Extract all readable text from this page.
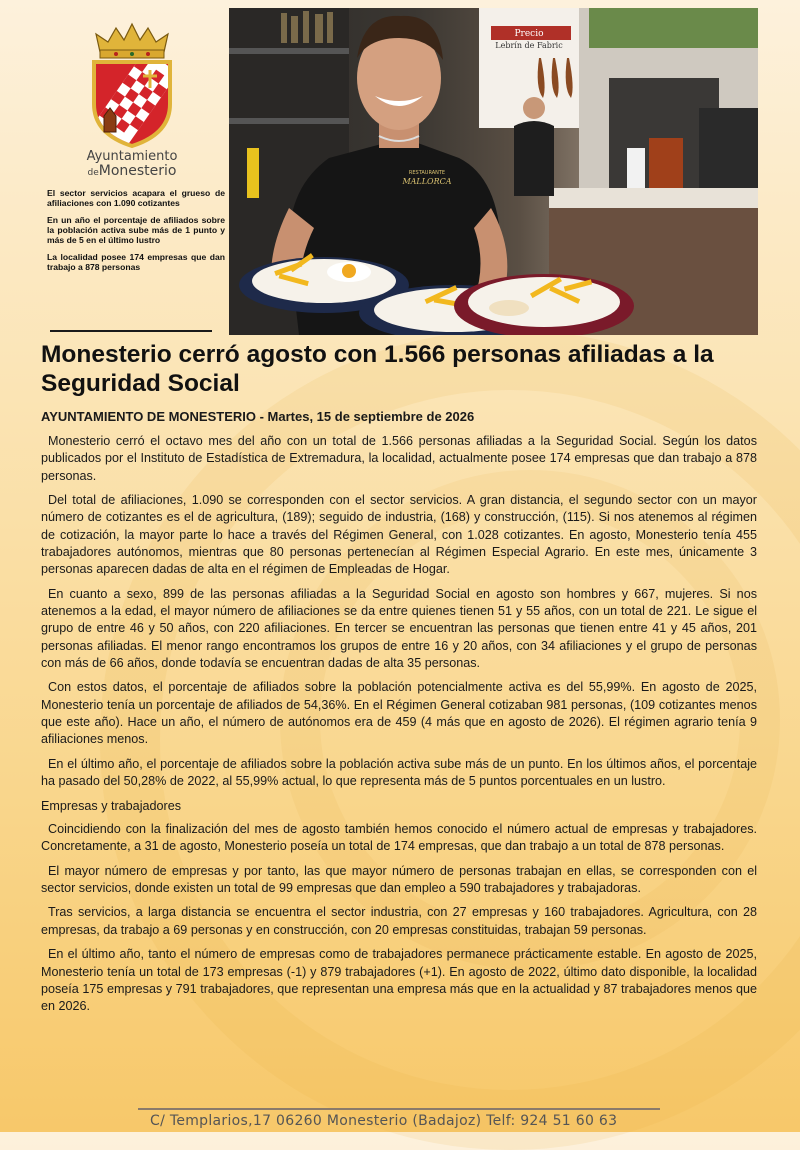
Ayuntamiento
deMonesterio

El sector servicios acapara el grueso de afiliaciones con 1.090 cotizantes

En un año el porcentaje de afiliados sobre la población activa sube más de 1 punto y más de 5 en el último lustro

La localidad posee 174 empresas que dan trabajo a 878 personas

Precio
Lebrín de Fabric
RESTAURANTE
MALLORCA
Monesterio cerró agosto con 1.566 personas afiliadas a la Seguridad Social
AYUNTAMIENTO DE MONESTERIO - Martes, 15 de septiembre de 2026

Monesterio cerró el octavo mes del año con un total de 1.566 personas afiliadas a la Seguridad Social. Según los datos publicados por el Instituto de Estadística de Extremadura, la localidad, actualmente posee 174 empresas que dan trabajo a 878 personas.

Del total de afiliaciones, 1.090 se corresponden con el sector servicios. A gran distancia, el segundo sector con un mayor número de cotizantes es el de agricultura, (189); seguido de industria, (168) y construcción, (115). Si nos atenemos al régimen de cotización, la mayor parte lo hace a través del Régimen General, con 1.028 cotizantes. En agosto, Monesterio tenía 455 trabajadores autónomos, mientras que 80 personas pertenecían al Régimen Especial Agrario. En este mes, únicamente 3 personas aparecen dadas de alta en el régimen de Empleadas de Hogar.

En cuanto a sexo, 899 de las personas afiliadas a la Seguridad Social en agosto son hombres y 667, mujeres. Si nos atenemos a la edad, el mayor número de afiliaciones se da entre quienes tienen 51 y 55 años, con un total de 221. Le sigue el grupo de entre 46 y 50 años, con 220 afiliaciones. En tercer se encuentran las personas que tienen entre 41 y 45 años, 201 personas afiliadas. El menor rango encontramos los grupos de entre 16 y 20 años, con 34 afiliaciones y el grupo de personas con más de 66 años, donde todavía se encuentran dadas de alta 35 personas.

Con estos datos, el porcentaje de afiliados sobre la población potencialmente activa es del 55,99%. En agosto de 2025, Monesterio tenía un porcentaje de afiliados de 54,36%. En el Régimen General cotizaban 981 personas, (109 cotizantes menos que este año). Hace un año, el número de autónomos era de 459 (4 más que en agosto de 2026). El régimen agrario tenía 9 afiliaciones menos.

En el último año, el porcentaje de afiliados sobre la población activa sube más de un punto. En los últimos años, el porcentaje ha pasado del 50,28% de 2022, al 55,99% actual, lo que representa más de 5 puntos porcentuales en un lustro.

Empresas y trabajadores

Coincidiendo con la finalización del mes de agosto también hemos conocido el número actual de empresas y trabajadores. Concretamente, a 31 de agosto, Monesterio poseía un total de 174 empresas, que dan trabajo a un total de 878 personas.

El mayor número de empresas y por tanto, las que mayor número de personas trabajan en ellas, se corresponden con el sector servicios, donde existen un total de 99 empresas que dan empleo a 590 trabajadores y trabajadoras.

Tras servicios, a larga distancia se encuentra el sector industria, con 27 empresas y 160 trabajadores. Agricultura, con 28 empresas, da trabajo a 69 personas y en construcción, con 20 empresas constituidas, trabajan 59 personas.

En el último año, tanto el número de empresas como de trabajadores permanece prácticamente estable. En agosto de 2025, Monesterio tenía un total de 173 empresas (-1) y 879 trabajadores (+1). En agosto de 2022, último dato disponible, la localidad poseía 175 empresas y 791 trabajadores, que representan una empresa más que en la actualidad y 87 trabajadores menos que en 2026.

C/ Templarios,17 06260 Monesterio (Badajoz) Telf: 924 51 60 63
